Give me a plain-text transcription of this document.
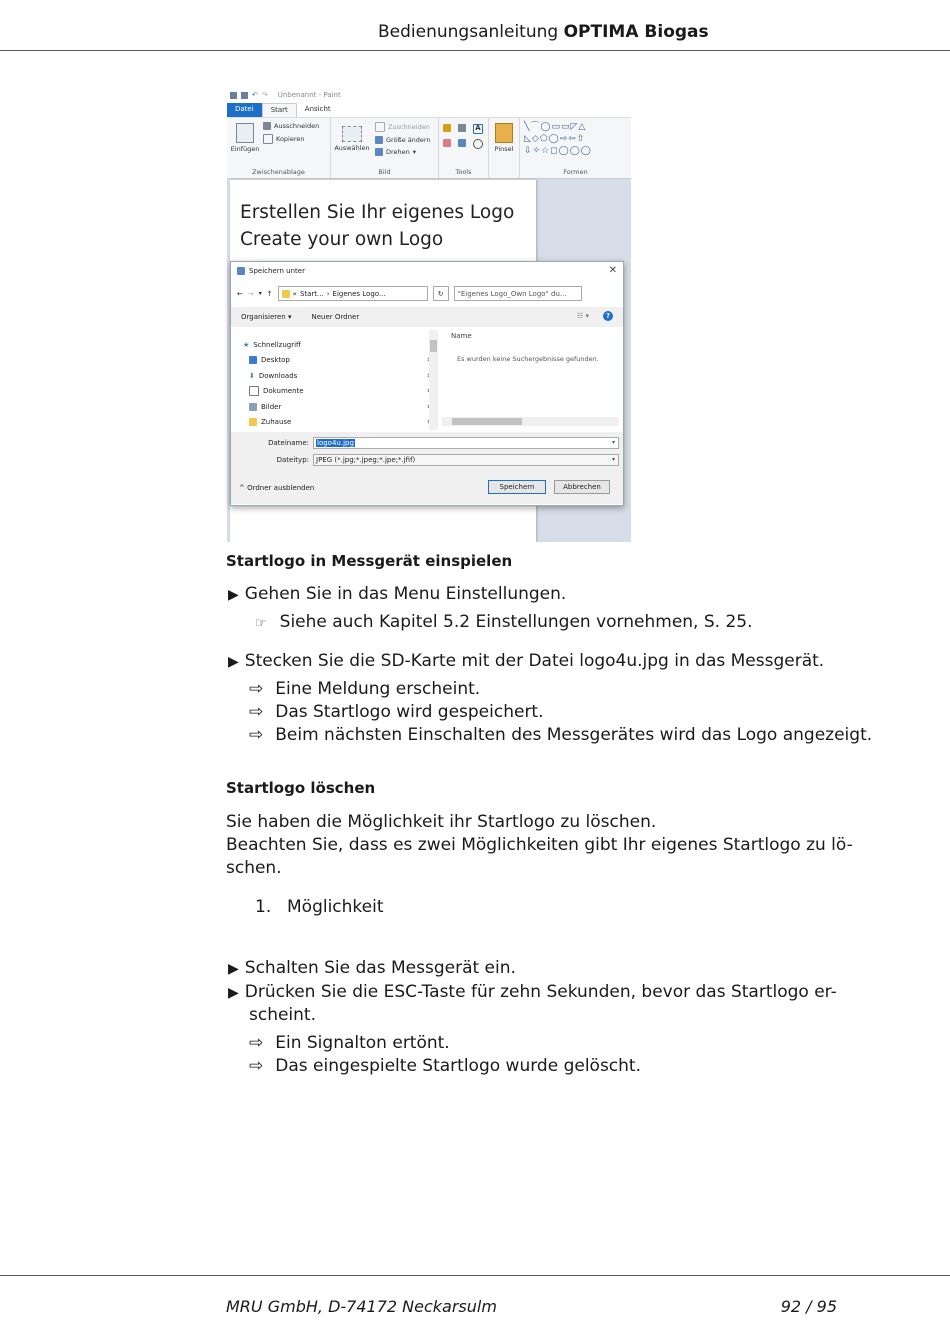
Bedienungsanleitung OPTIMA Biogas
↶ ↷ Unbenannt - Paint
Datei	Start	Ansicht
Einfügen
Ausschneiden
Kopieren
Zwischenablage
Auswählen
Zuschneiden
Größe ändern
Drehen ▾
Bild
A
Tools
Pinsel
╲⌒◯▭▭◸△
◺◇⬠◯⇨⇦⇧
⇩✧☆◻◯◯◯
Formen
Erstellen Sie Ihr eigenes Logo
Create your own Logo
Speichern unter	✕
← → ▾ ↑	« Start... › Eigenes Logo...	↻	"Eigenes Logo_Own Logo" du...
Organisieren ▾	Neuer Ordner	☷ ▾	?
★ Schnellzugriff
Desktop
⬇ Downloads
Dokumente
Bilder
Zuhause
Name
Es wurden keine Suchergebnisse gefunden.
Dateiname:	logo4u.jpg	▾
Dateityp:	JPEG (*.jpg;*.jpeg;*.jpe;*.jfif)	▾
^ Ordner ausblenden	Speichern	Abbrechen
Startlogo in Messgerät einspielen
▶ Gehen Sie in das Menu Einstellungen.
☞ Siehe auch Kapitel 5.2 Einstellungen vornehmen, S. 25.
▶ Stecken Sie die SD-Karte mit der Datei logo4u.jpg in das Messgerät.
⇨ Eine Meldung erscheint.
⇨ Das Startlogo wird gespeichert.
⇨ Beim nächsten Einschalten des Messgerätes wird das Logo angezeigt.
Startlogo löschen
Sie haben die Möglichkeit ihr Startlogo zu löschen.
Beachten Sie, dass es zwei Möglichkeiten gibt Ihr eigenes Startlogo zu lö-
schen.
1. Möglichkeit
▶ Schalten Sie das Messgerät ein.
▶ Drücken Sie die ESC-Taste für zehn Sekunden, bevor das Startlogo er-
scheint.
⇨ Ein Signalton ertönt.
⇨ Das eingespielte Startlogo wurde gelöscht.
MRU GmbH, D-74172 Neckarsulm	92 / 95
